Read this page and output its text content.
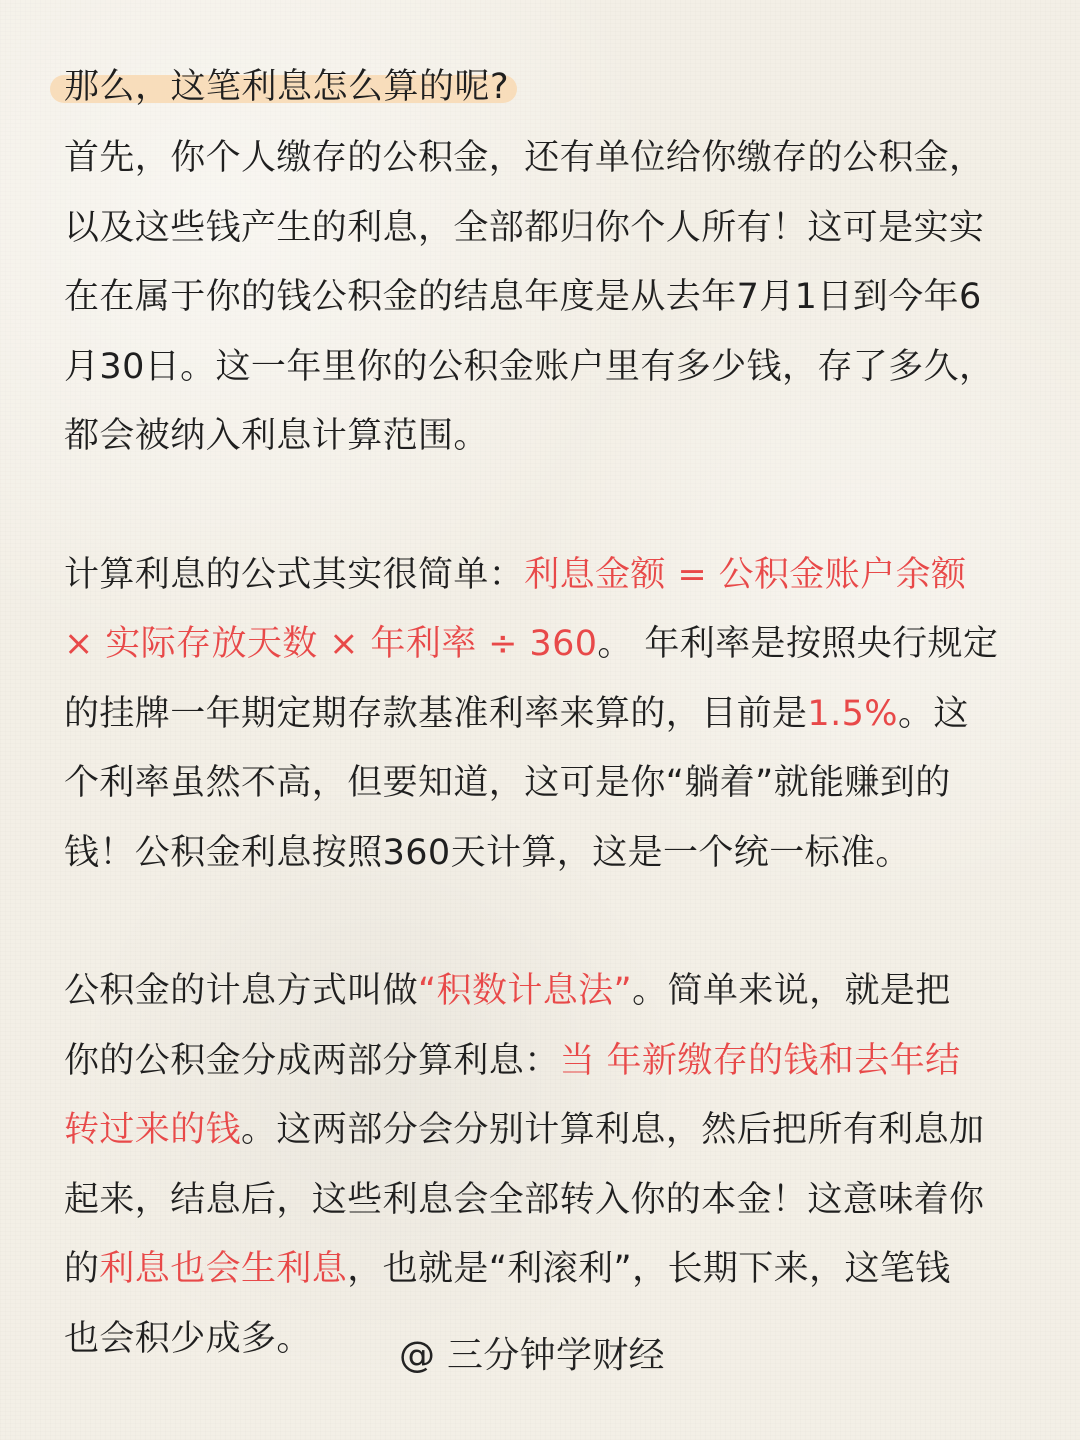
那么，这笔利息怎么算的呢?
首先，你个人缴存的公积金，还有单位给你缴存的公积金，
以及这些钱产生的利息，全部都归你个人所有！这可是实实
在在属于你的钱公积金的结息年度是从去年7月1日到今年6
月30日。这一年里你的公积金账户里有多少钱，存了多久，
都会被纳入利息计算范围。
计算利息的公式其实很简单：利息金额 = 公积金账户余额
× 实际存放天数 × 年利率 ÷ 360。 年利率是按照央行规定
的挂牌一年期定期存款基准利率来算的，目前是1.5%。这
个利率虽然不高，但要知道，这可是你“躺着”就能赚到的
钱！公积金利息按照360天计算，这是一个统一标准。
公积金的计息方式叫做“积数计息法”。简单来说，就是把
你的公积金分成两部分算利息：当 年新缴存的钱和去年结
转过来的钱。这两部分会分别计算利息，然后把所有利息加
起来，结息后，这些利息会全部转入你的本金！这意味着你
的利息也会生利息，也就是“利滚利”，长期下来，这笔钱
也会积少成多。	@ 三分钟学财经
